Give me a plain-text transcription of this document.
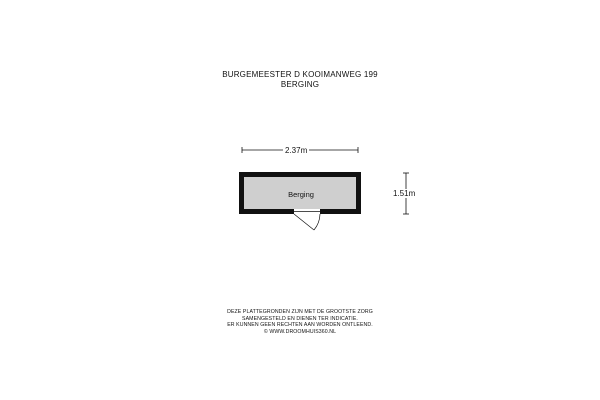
BURGEMEESTER D KOOIMANWEG 199
BERGING
2.37m
1.51m
Berging
DEZE PLATTEGRONDEN ZIJN MET DE GROOTSTE ZORG
SAMENGESTELD EN DIENEN TER INDICATIE.
ER KUNNEN GEEN RECHTEN AAN WORDEN ONTLEEND.
© WWW.DROOMHUIS360.NL
